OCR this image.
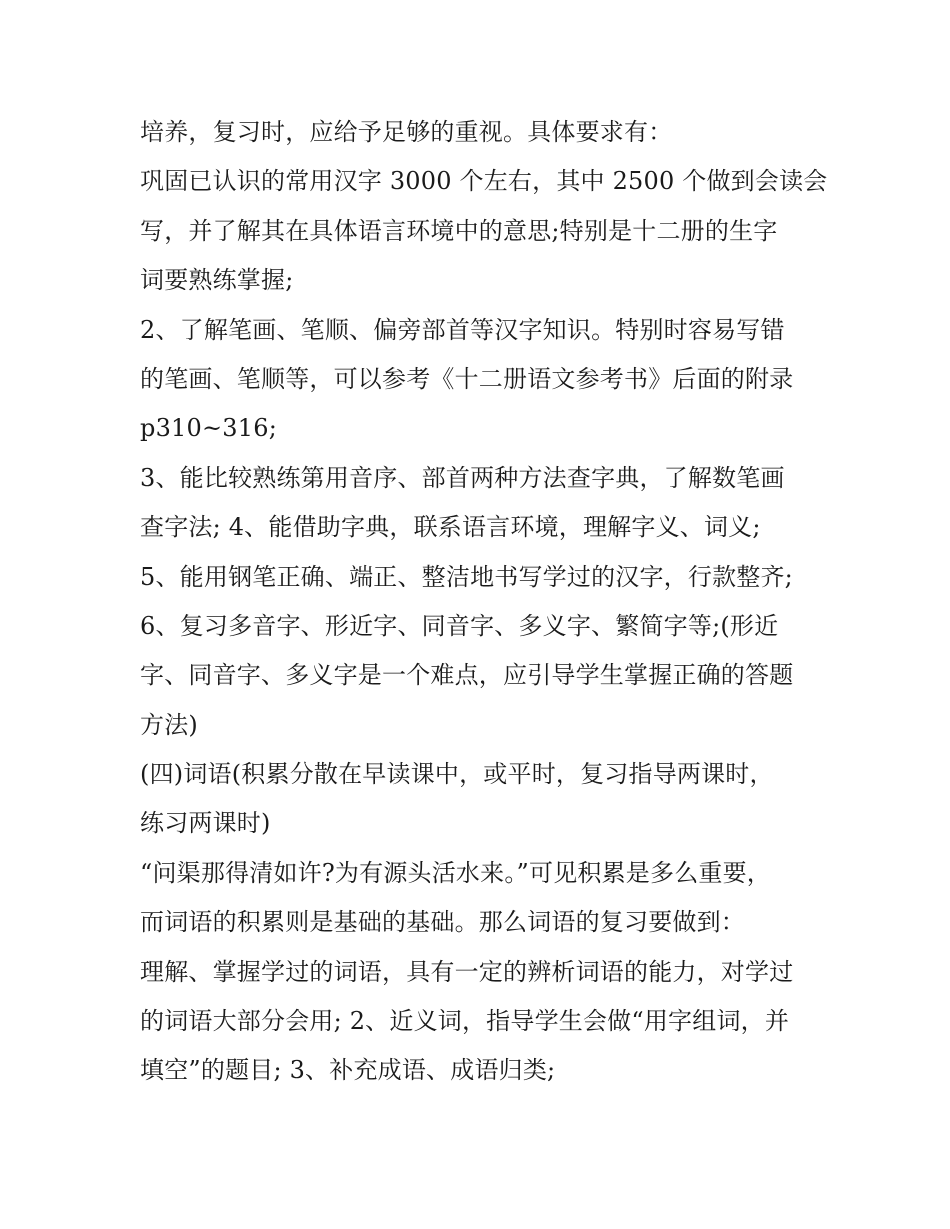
培养，复习时，应给予足够的重视。具体要求有：
巩固已认识的常用汉字 3000 个左右，其中 2500 个做到会读会
写，并了解其在具体语言环境中的意思;特别是十二册的生字
词要熟练掌握;
2、了解笔画、笔顺、偏旁部首等汉字知识。特别时容易写错
的笔画、笔顺等，可以参考《十二册语文参考书》后面的附录
p310~316;
3、能比较熟练第用音序、部首两种方法查字典，了解数笔画
查字法; 4、能借助字典，联系语言环境，理解字义、词义;
5、能用钢笔正确、端正、整洁地书写学过的汉字，行款整齐;
6、复习多音字、形近字、同音字、多义字、繁简字等;(形近
字、同音字、多义字是一个难点，应引导学生掌握正确的答题
方法)
(四)词语(积累分散在早读课中，或平时，复习指导两课时，
练习两课时)
“问渠那得清如许?为有源头活水来。”可见积累是多么重要，
而词语的积累则是基础的基础。那么词语的复习要做到：
理解、掌握学过的词语，具有一定的辨析词语的能力，对学过
的词语大部分会用; 2、近义词，指导学生会做“用字组词，并
填空”的题目; 3、补充成语、成语归类;
